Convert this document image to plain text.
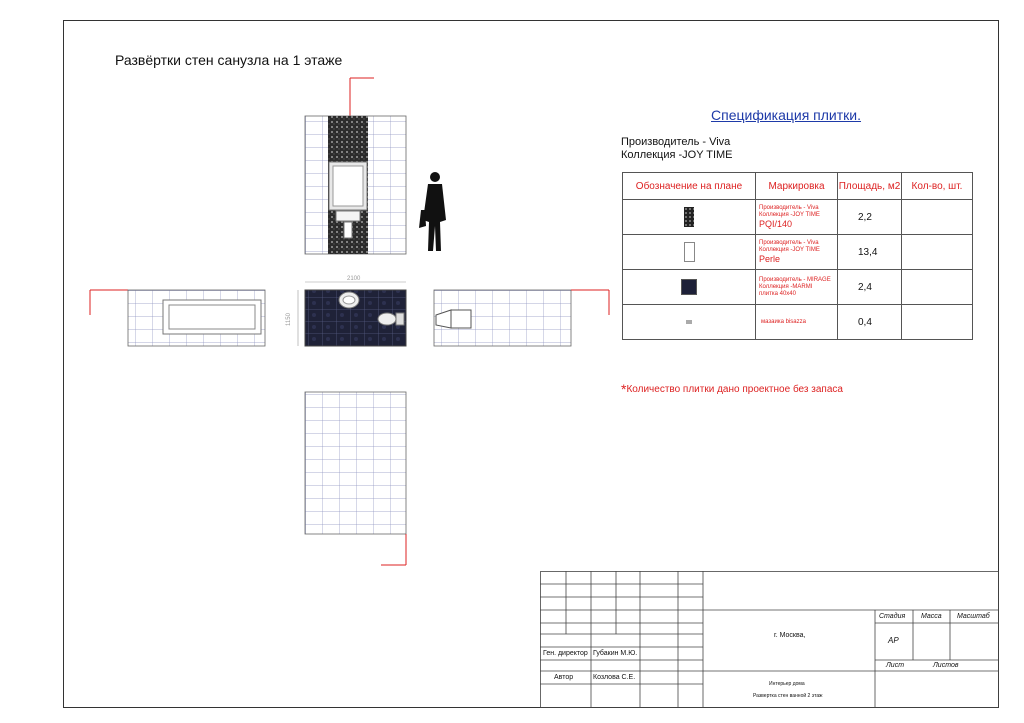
Развёртки стен санузла на 1 этаже
2100
1150
Спецификация плитки.
Производитель - Viva
Коллекция -JOY TIME
Обозначение на плане	Маркировка	Площадь, м2	Кол-во, шт.

	Производитель - Viva
Коллекция -JOY TIME
PQI/140	2,2	

	Производитель - Viva
Коллекция -JOY TIME
Perle	13,4	

	Производитель - MIRAGE
Коллекция -MARMI
плитка 40x40	2,4	

	мазаика bisazza	0,4	
*Количество плитки дано проектное без запаса
Ген. директор Губакин М.Ю.
Автор	Козлова С.Е.
г. Москва,
Стадия Масса Масштаб
АР
Лист	Листов
Интерьер дома
Развертка стен ванной 2 этаж
